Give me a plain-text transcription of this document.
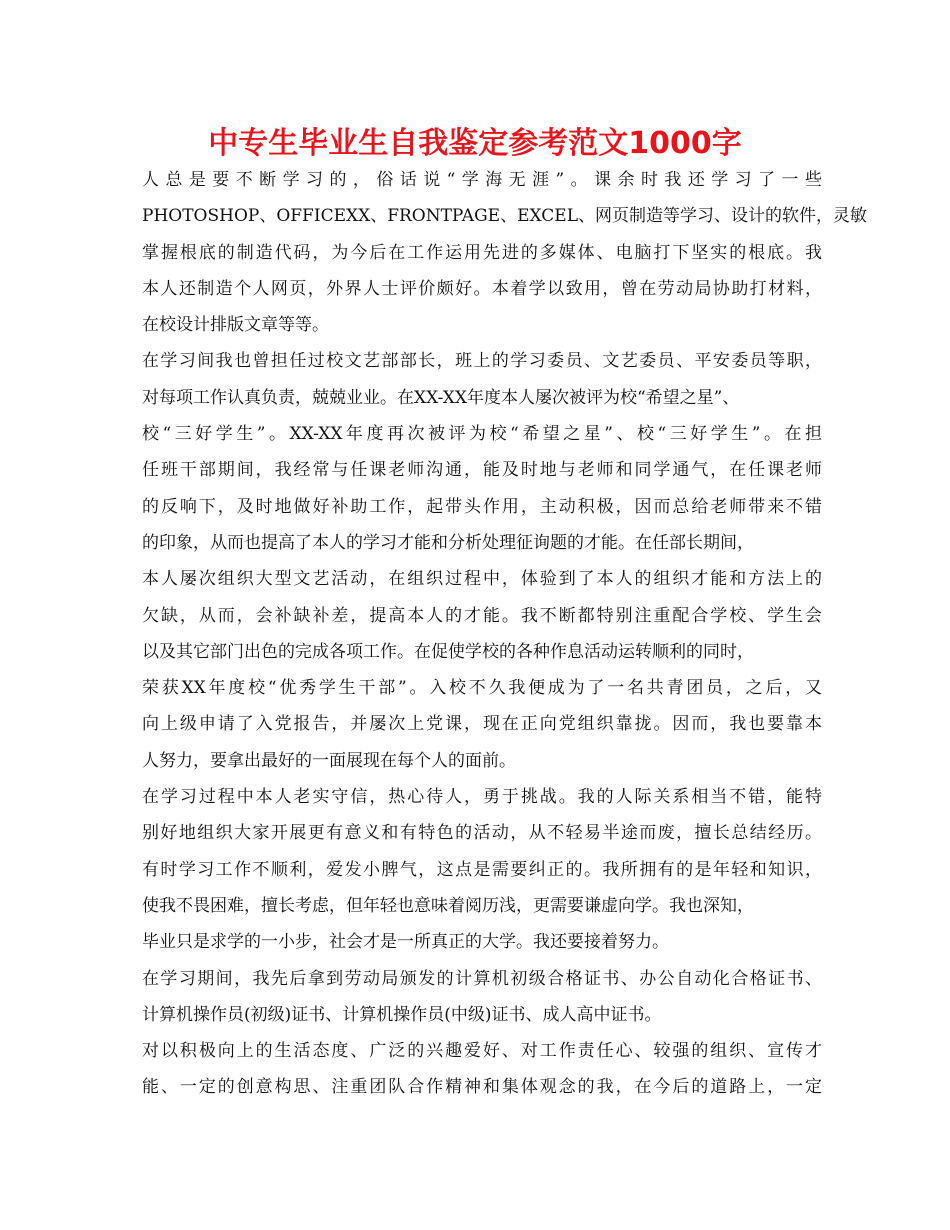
中专生毕业生自我鉴定参考范文1000字
人总是要不断学习的，俗话说“学海无涯”。课余时我还学习了一些
PHOTOSHOP、OFFICEXX、FRONTPAGE、EXCEL、网页制造等学习、设计的软件，灵敏
掌握根底的制造代码，为今后在工作运用先进的多媒体、电脑打下坚实的根底。我
本人还制造个人网页，外界人士评价颇好。本着学以致用，曾在劳动局协助打材料，
在校设计排版文章等等。
在学习间我也曾担任过校文艺部部长，班上的学习委员、文艺委员、平安委员等职，
对每项工作认真负责，兢兢业业。在XX-XX年度本人屡次被评为校“希望之星”、
校“三好学生”。XX-XX年度再次被评为校“希望之星”、校“三好学生”。在担
任班干部期间，我经常与任课老师沟通，能及时地与老师和同学通气，在任课老师
的反响下，及时地做好补助工作，起带头作用，主动积极，因而总给老师带来不错
的印象，从而也提高了本人的学习才能和分析处理征询题的才能。在任部长期间，
本人屡次组织大型文艺活动，在组织过程中，体验到了本人的组织才能和方法上的
欠缺，从而，会补缺补差，提高本人的才能。我不断都特别注重配合学校、学生会
以及其它部门出色的完成各项工作。在促使学校的各种作息活动运转顺利的同时，
荣获XX年度校“优秀学生干部”。入校不久我便成为了一名共青团员，之后，又
向上级申请了入党报告，并屡次上党课，现在正向党组织靠拢。因而，我也要靠本
人努力，要拿出最好的一面展现在每个人的面前。
在学习过程中本人老实守信，热心待人，勇于挑战。我的人际关系相当不错，能特
别好地组织大家开展更有意义和有特色的活动，从不轻易半途而废，擅长总结经历。
有时学习工作不顺利，爱发小脾气，这点是需要纠正的。我所拥有的是年轻和知识，
使我不畏困难，擅长考虑，但年轻也意味着阅历浅，更需要谦虚向学。我也深知，
毕业只是求学的一小步，社会才是一所真正的大学。我还要接着努力。
在学习期间，我先后拿到劳动局颁发的计算机初级合格证书、办公自动化合格证书、
计算机操作员(初级)证书、计算机操作员(中级)证书、成人高中证书。
对以积极向上的生活态度、广泛的兴趣爱好、对工作责任心、较强的组织、宣传才
能、一定的创意构思、注重团队合作精神和集体观念的我，在今后的道路上，一定
